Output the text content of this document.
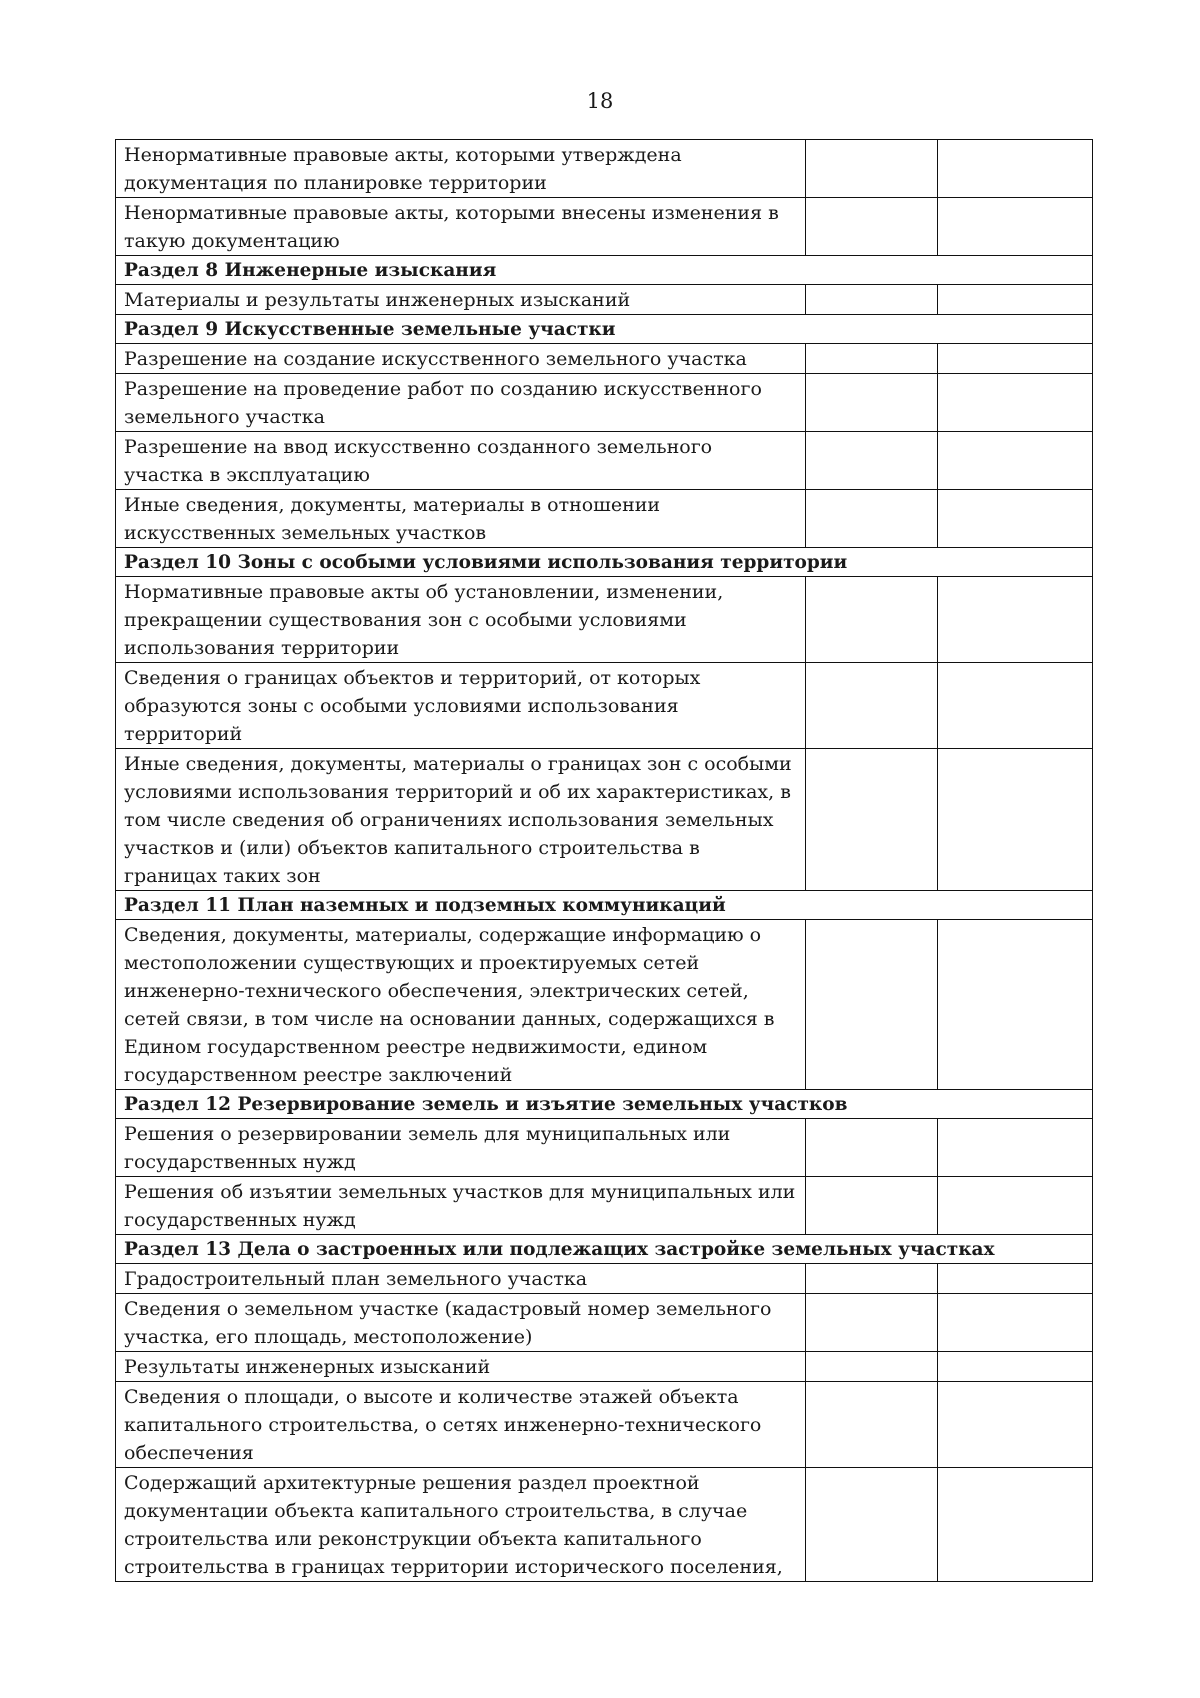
18
Ненормативные правовые акты, которыми утверждена документация по планировке территории		
Ненормативные правовые акты, которыми внесены изменения в такую документацию		
Раздел 8 Инженерные изыскания		
Материалы и результаты инженерных изысканий		
Раздел 9 Искусственные земельные участки		
Разрешение на создание искусственного земельного участка		
Разрешение на проведение работ по созданию искусственного земельного участка		
Разрешение на ввод искусственно созданного земельного участка в эксплуатацию		
Иные сведения, документы, материалы в отношении искусственных земельных участков		
Раздел 10 Зоны с особыми условиями использования территории		
Нормативные правовые акты об установлении, изменении, прекращении существования зон с особыми условиями использования территории		
Сведения о границах объектов и территорий, от которых образуются зоны с особыми условиями использования территорий		
Иные сведения, документы, материалы о границах зон с особыми условиями использования территорий и об их характеристиках, в том числе сведения об ограничениях использования земельных участков и (или) объектов капитального строительства в границах таких зон		
Раздел 11 План наземных и подземных коммуникаций		
Сведения, документы, материалы, содержащие информацию о местоположении существующих и проектируемых сетей инженерно-технического обеспечения, электрических сетей, сетей связи, в том числе на основании данных, содержащихся в Едином государственном реестре недвижимости, едином государственном реестре заключений		
Раздел 12 Резервирование земель и изъятие земельных участков		
Решения о резервировании земель для муниципальных или государственных нужд		
Решения об изъятии земельных участков для муниципальных или государственных нужд		
Раздел 13 Дела о застроенных или подлежащих застройке земельных участках		
Градостроительный план земельного участка		
Сведения о земельном участке (кадастровый номер земельного участка, его площадь, местоположение)		
Результаты инженерных изысканий		
Сведения о площади, о высоте и количестве этажей объекта капитального строительства, о сетях инженерно-технического обеспечения		
Содержащий архитектурные решения раздел проектной документации объекта капитального строительства, в случае строительства или реконструкции объекта капитального строительства в границах территории исторического поселения,		
